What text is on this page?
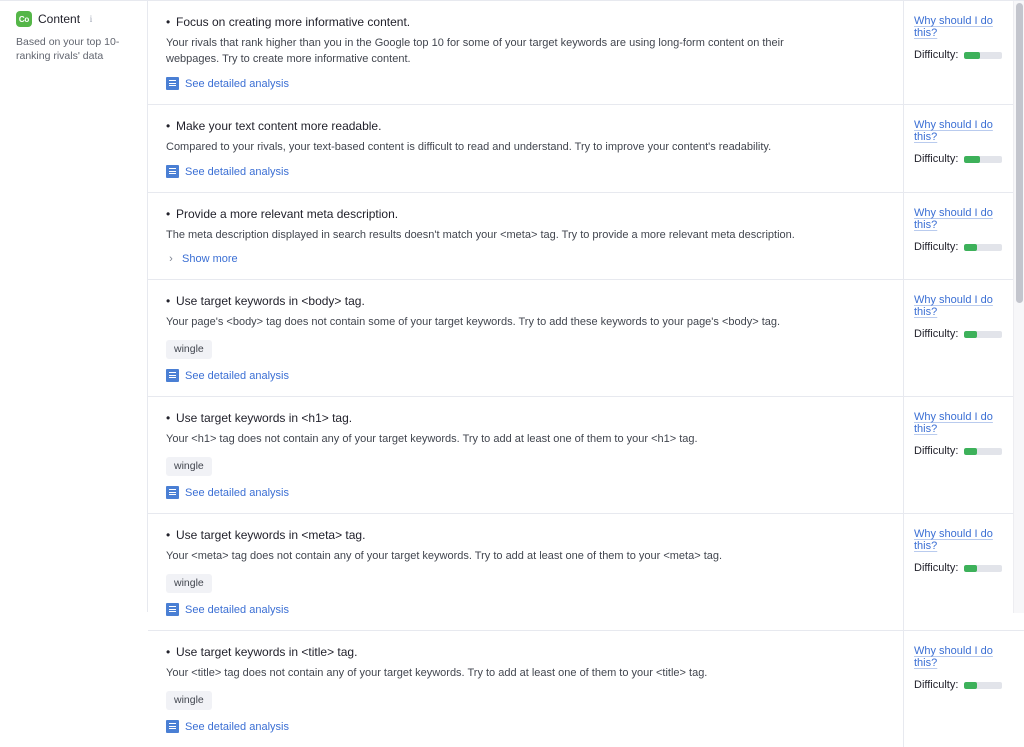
Co Content	i
Based on your top 10-ranking rivals' data
• Focus on creating more informative content.

Your rivals that rank higher than you in the Google top 10 for some of your target keywords are using long-form content on their webpages. Try to create more informative content.

See detailed analysis
Why should I do this?
Difficulty:
• Make your text content more readable.

Compared to your rivals, your text-based content is difficult to read and understand. Try to improve your content's readability.

See detailed analysis
Why should I do this?
Difficulty:
• Provide a more relevant meta description.

The meta description displayed in search results doesn't match your <meta> tag. Try to provide a more relevant meta description.

› Show more
Why should I do this?
Difficulty:
• Use target keywords in <body> tag.

Your page's <body> tag does not contain some of your target keywords. Try to add these keywords to your page's <body> tag.

wingle
See detailed analysis
Why should I do this?
Difficulty:
• Use target keywords in <h1> tag.

Your <h1> tag does not contain any of your target keywords. Try to add at least one of them to your <h1> tag.

wingle
See detailed analysis
Why should I do this?
Difficulty:
• Use target keywords in <meta> tag.

Your <meta> tag does not contain any of your target keywords. Try to add at least one of them to your <meta> tag.

wingle
See detailed analysis
Why should I do this?
Difficulty:
• Use target keywords in <title> tag.

Your <title> tag does not contain any of your target keywords. Try to add at least one of them to your <title> tag.

wingle
See detailed analysis
Why should I do this?
Difficulty:
